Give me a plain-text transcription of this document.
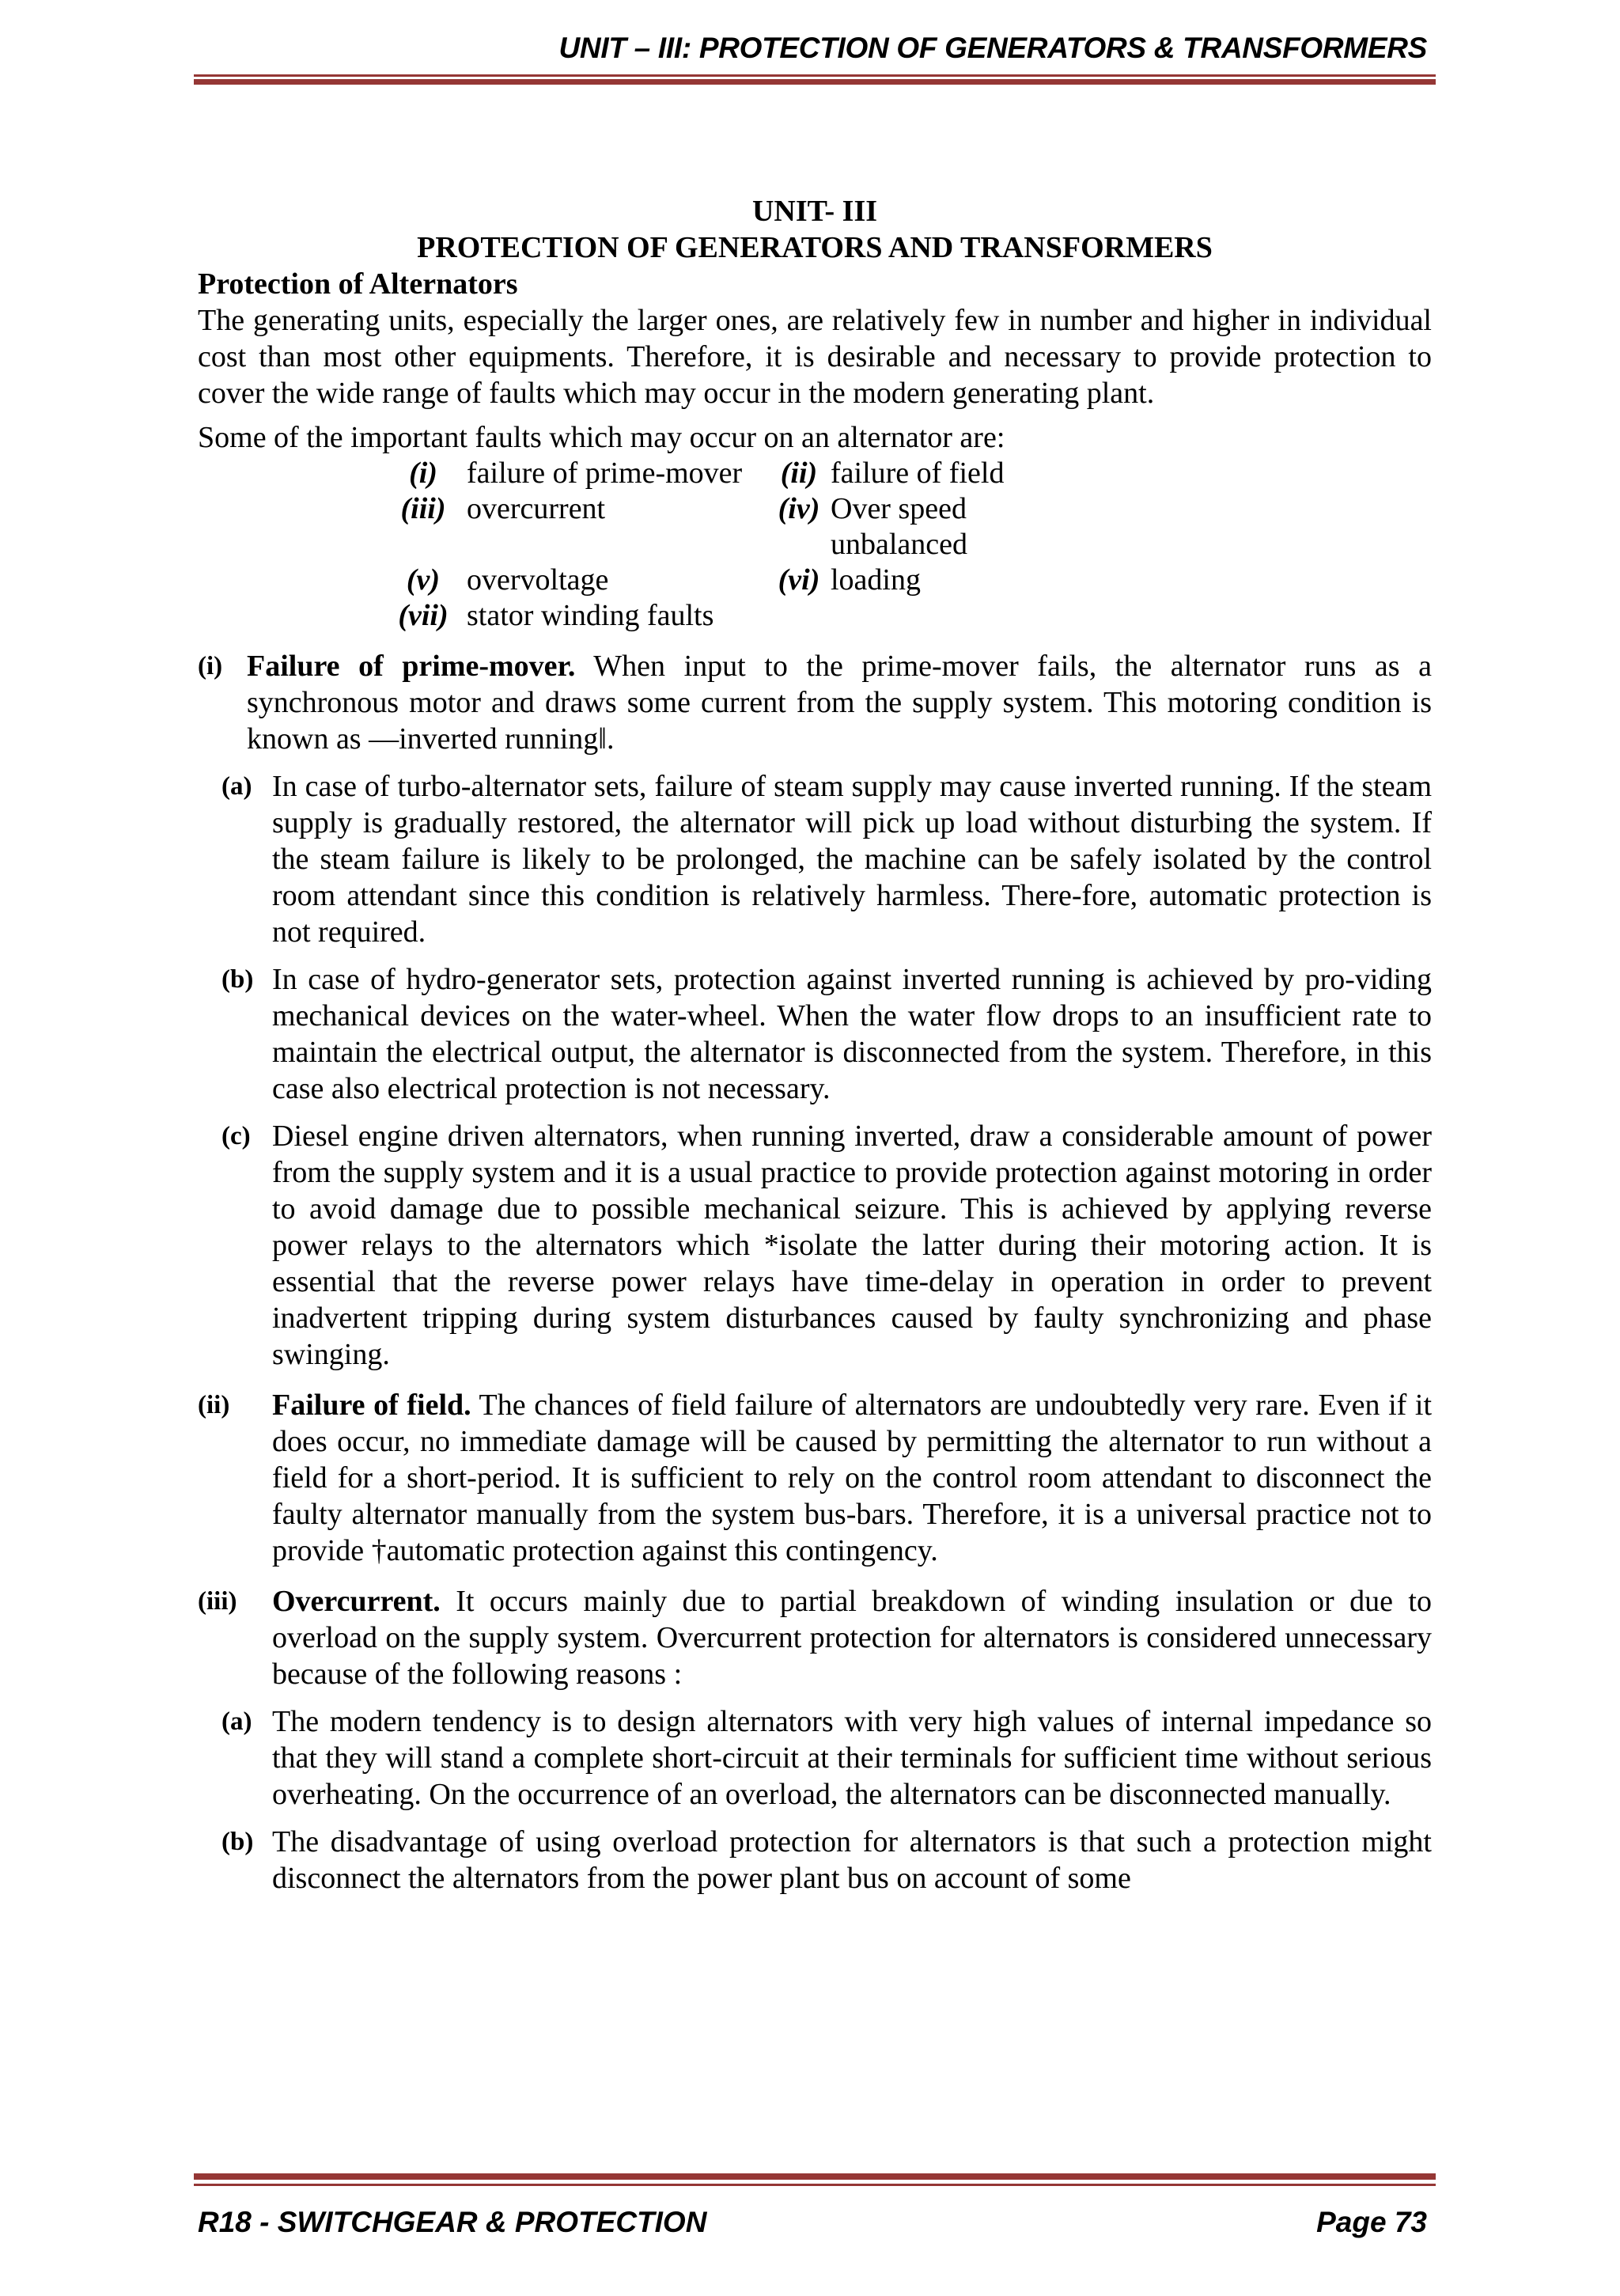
UNIT – III: PROTECTION OF GENERATORS & TRANSFORMERS

UNIT- III

PROTECTION OF GENERATORS AND TRANSFORMERS

Protection of Alternators

The generating units, especially the larger ones, are relatively few in number and higher in individual cost than most other equipments. Therefore, it is desirable and necessary to provide protection to cover the wide range of faults which may occur in the modern generating plant.

Some of the important faults which may occur on an alternator are:

(i)	failure of prime-mover	(ii)	failure of field
(iii)	overcurrent	(iv)	Over speed
			unbalanced
(v)	overvoltage	(vi)	loading
(vii)	stator winding faults		
(i) Failure of prime-mover. When input to the prime-mover fails, the alternator runs as a synchronous motor and draws some current from the supply system. This motoring condition is known as ―inverted running‖.
(a) In case of turbo-alternator sets, failure of steam supply may cause inverted running. If the steam supply is gradually restored, the alternator will pick up load without disturbing the system. If the steam failure is likely to be prolonged, the machine can be safely isolated by the control room attendant since this condition is relatively harmless. There-fore, automatic protection is not required.
(b) In case of hydro-generator sets, protection against inverted running is achieved by pro-viding mechanical devices on the water-wheel. When the water flow drops to an insufficient rate to maintain the electrical output, the alternator is disconnected from the system. Therefore, in this case also electrical protection is not necessary.
(c) Diesel engine driven alternators, when running inverted, draw a considerable amount of power from the supply system and it is a usual practice to provide protection against motoring in order to avoid damage due to possible mechanical seizure. This is achieved by applying reverse power relays to the alternators which *isolate the latter during their motoring action. It is essential that the reverse power relays have time-delay in operation in order to prevent inadvertent tripping during system disturbances caused by faulty synchronizing and phase swinging.
(ii) Failure of field. The chances of field failure of alternators are undoubtedly very rare. Even if it does occur, no immediate damage will be caused by permitting the alternator to run without a field for a short-period. It is sufficient to rely on the control room attendant to disconnect the faulty alternator manually from the system bus-bars. Therefore, it is a universal practice not to provide †automatic protection against this contingency.
(iii) Overcurrent. It occurs mainly due to partial breakdown of winding insulation or due to overload on the supply system. Overcurrent protection for alternators is considered unnecessary because of the following reasons :
(a) The modern tendency is to design alternators with very high values of internal impedance so that they will stand a complete short-circuit at their terminals for sufficient time without serious overheating. On the occurrence of an overload, the alternators can be disconnected manually.
(b) The disadvantage of using overload protection for alternators is that such a protection might disconnect the alternators from the power plant bus on account of some
R18 - SWITCHGEAR & PROTECTION	Page 73
